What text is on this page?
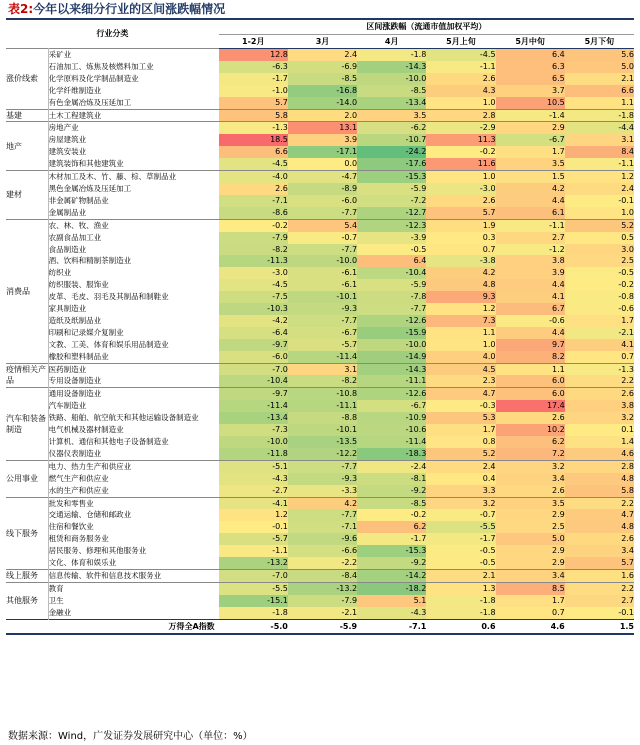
表2:今年以来细分行业的区间涨跌幅情况
行业分类		区间涨跌幅（流通市值加权平均）					
		1-2月	3月	4月	5月上旬	5月中旬	5月下旬
涨价线索	采矿业	12.8	2.4	-1.8	-4.5	6.4	5.6
	石油加工、炼焦及核燃料加工业	-6.3	-6.9	-14.3	-1.1	6.3	5.0
	化学原料及化学制品制造业	-1.7	-8.5	-10.0	2.6	6.5	2.1
	化学纤维制造业	-1.0	-16.8	-8.5	4.3	3.7	6.6
	有色金属冶炼及压延加工	5.7	-14.0	-13.4	1.0	10.5	1.1
基建	土木工程建筑业	5.8	2.0	3.5	2.8	-1.4	-1.8
地产	房地产业	-1.3	13.1	-6.2	-2.9	2.9	-4.4
	房屋建筑业	18.5	3.9	-10.7	11.3	-6.7	3.1
	建筑安装业	6.6	-17.1	-24.2	-0.2	1.7	8.4
	建筑装饰和其他建筑业	-4.5	0.0	-17.6	11.6	3.5	-1.1
建材	木材加工及木、竹、藤、棕、草制品业	-4.0	-4.7	-15.3	1.0	1.5	1.2
	黑色金属冶炼及压延加工	2.6	-8.9	-5.9	-3.0	4.2	2.4
	非金属矿物制品业	-7.1	-6.0	-7.2	2.6	4.4	-0.1
	金属制品业	-8.6	-7.7	-12.7	5.7	6.1	1.0
消费品	农、林、牧、渔业	-0.2	5.4	-12.3	1.9	-1.1	5.2
	农副食品加工业	-7.9	-0.7	-3.9	0.3	2.7	0.5
	食品制造业	-8.2	-7.7	-0.5	0.7	-1.2	3.0
	酒、饮料和精制茶制造业	-11.3	-10.0	6.4	-3.8	3.8	2.5
	纺织业	-3.0	-6.1	-10.4	4.2	3.9	-0.5
	纺织服装、服饰业	-4.5	-6.1	-5.9	4.8	4.4	-0.2
	皮革、毛皮、羽毛及其制品和制鞋业	-7.5	-10.1	-7.8	9.3	4.1	-0.8
	家具制造业	-10.3	-9.3	-7.7	1.2	6.7	-0.6
	造纸及纸制品业	-4.2	-7.7	-12.6	7.3	-0.6	1.7
	印刷和记录媒介复制业	-6.4	-6.7	-15.9	1.1	4.4	-2.1
	文教、工美、体育和娱乐用品制造业	-9.7	-5.7	-10.0	1.0	9.7	4.1
	橡胶和塑料制品业	-6.0	-11.4	-14.9	4.0	8.2	0.7
疫情相关产品	医药制造业	-7.0	3.1	-14.3	4.5	1.1	-1.3
	专用设备制造业	-10.4	-8.2	-11.1	2.3	6.0	2.2
汽车和装备制造	通用设备制造业	-9.7	-10.8	-12.6	4.7	6.0	2.6
	汽车制造业	-11.4	-11.1	-6.7	-0.3	17.4	3.8
	铁路、船舶、航空航天和其他运输设备制造业	-13.4	-8.8	-10.9	5.3	2.6	3.2
	电气机械及器材制造业	-7.3	-10.1	-10.6	1.7	10.2	0.1
	计算机、通信和其他电子设备制造业	-10.0	-13.5	-11.4	0.8	6.2	1.4
	仪器仪表制造业	-11.8	-12.2	-18.3	5.2	7.2	4.6
公用事业	电力、热力生产和供应业	-5.1	-7.7	-2.4	2.4	3.2	2.8
	燃气生产和供应业	-4.3	-9.3	-8.1	0.4	3.4	4.8
	水的生产和供应业	-2.7	-3.3	-9.2	3.3	2.6	5.8
线下服务	批发和零售业	-4.1	4.2	-8.5	3.2	3.5	2.2
	交通运输、仓储和邮政业	1.2	-7.7	-0.2	-0.7	2.9	4.7
	住宿和餐饮业	-0.1	-7.1	6.2	-5.5	2.5	4.8
	租赁和商务服务业	-5.7	-9.6	-1.7	-1.7	5.0	2.6
	居民服务、修理和其他服务业	-1.1	-6.6	-15.3	-0.5	2.9	3.4
	文化、体育和娱乐业	-13.2	-2.2	-9.2	-0.5	2.9	5.7
线上服务	信息传输、软件和信息技术服务业	-7.0	-8.4	-14.2	2.1	3.4	1.6
其他服务	教育	-5.5	-13.2	-18.2	1.3	8.5	2.2
	卫生	-15.1	-7.9	5.1	-1.8	1.7	2.7
	金融业	-1.8	-2.1	-4.3	-1.8	0.7	-0.1
万得全A指数		-5.0	-5.9	-7.1	0.6	4.6	1.5
数据来源：Wind，广发证券发展研究中心（单位：%）
